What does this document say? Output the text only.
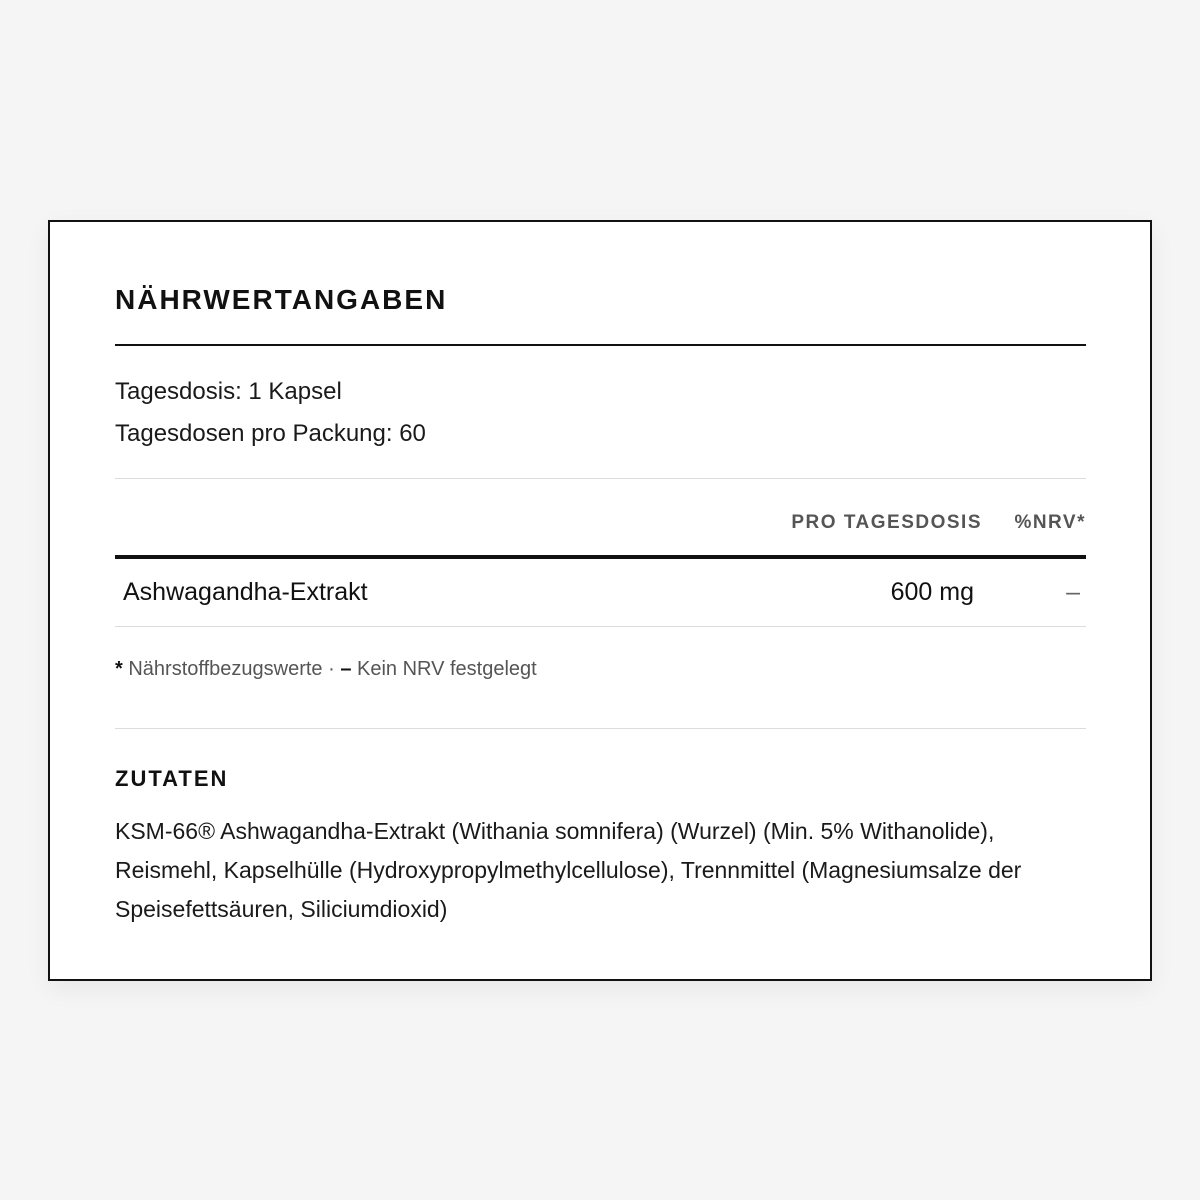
NÄHRWERTANGABEN
Tagesdosis: 1 Kapsel
Tagesdosen pro Packung: 60
PRO TAGESDOSIS %NRV*
Ashwagandha-Extrakt	600 mg	–
* Nährstoffbezugswerte · – Kein NRV festgelegt
ZUTATEN

KSM-66® Ashwagandha-Extrakt (Withania somnifera) (Wurzel) (Min. 5% Withanolide), Reismehl, Kapselhülle (Hydroxypropylmethylcellulose), Trennmittel (Magnesiumsalze der Speisefettsäuren, Siliciumdioxid)
